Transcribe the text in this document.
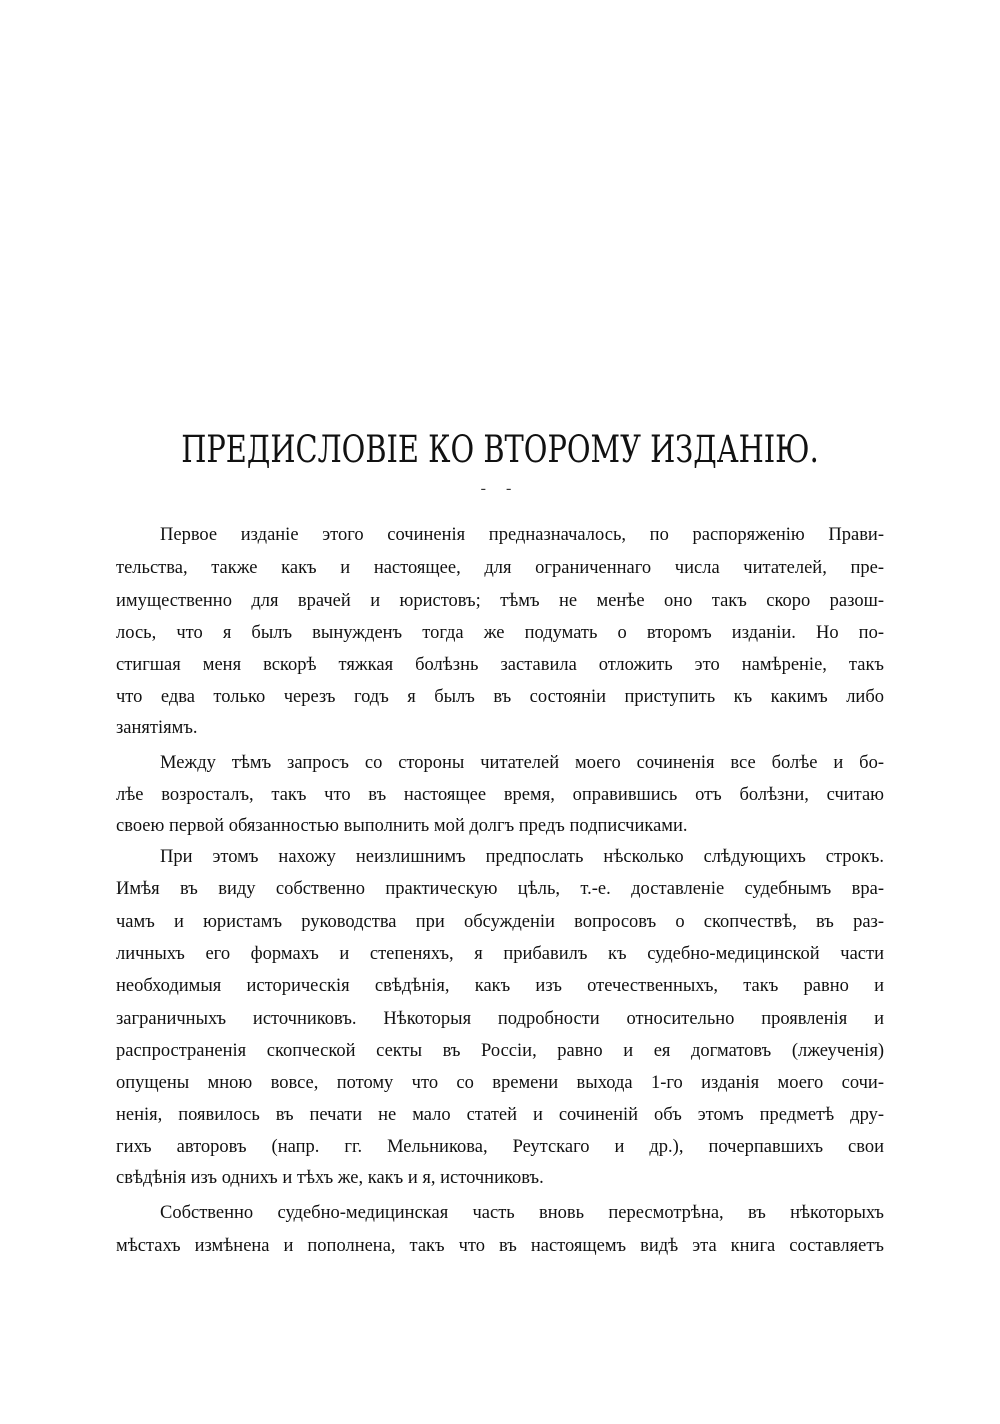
ПРЕДИСЛОВІЕ КО ВТОРОМУ ИЗДАНІЮ.
- -
Первое изданіе этого сочиненія предназначалось, по распоряженію Прави-
тельства, также какъ и настоящее, для ограниченнаго числа читателей, пре-
имущественно для врачей и юристовъ; тѣмъ не менѣе оно такъ скоро разош-
лось, что я былъ вынужденъ тогда же подумать о второмъ изданіи. Но по-
стигшая меня вскорѣ тяжкая болѣзнь заставила отложить это намѣреніе, такъ
что едва только черезъ годъ я былъ въ состояніи приступить къ какимъ либо
занятіямъ.
Между тѣмъ запросъ со стороны читателей моего сочиненія все болѣе и бо-
лѣе возросталъ, такъ что въ настоящее время, оправившись отъ болѣзни, считаю
своею первой обязанностью выполнить мой долгъ предъ подписчиками.
При этомъ нахожу неизлишнимъ предпослать нѣсколько слѣдующихъ строкъ.
Имѣя въ виду собственно практическую цѣль, т.-е. доставленіе судебнымъ вра-
чамъ и юристамъ руководства при обсужденіи вопросовъ о скопчествѣ, въ раз-
личныхъ его формахъ и степеняхъ, я прибавилъ къ судебно-медицинской части
необходимыя историческія свѣдѣнія, какъ изъ отечественныхъ, такъ равно и
заграничныхъ источниковъ. Нѣкоторыя подробности относительно проявленія и
распространенія скопческой секты въ Россіи, равно и ея догматовъ (лжеученія)
опущены мною вовсе, потому что со времени выхода 1-го изданія моего сочи-
ненія, появилось въ печати не мало статей и сочиненій объ этомъ предметѣ дру-
гихъ авторовъ (напр. гг. Мельникова, Реутскаго и др.), почерпавшихъ свои
свѣдѣнія изъ однихъ и тѣхъ же, какъ и я, источниковъ.
Собственно судебно-медицинская часть вновь пересмотрѣна, въ нѣкоторыхъ
мѣстахъ измѣнена и пополнена, такъ что въ настоящемъ видѣ эта книга составляетъ
